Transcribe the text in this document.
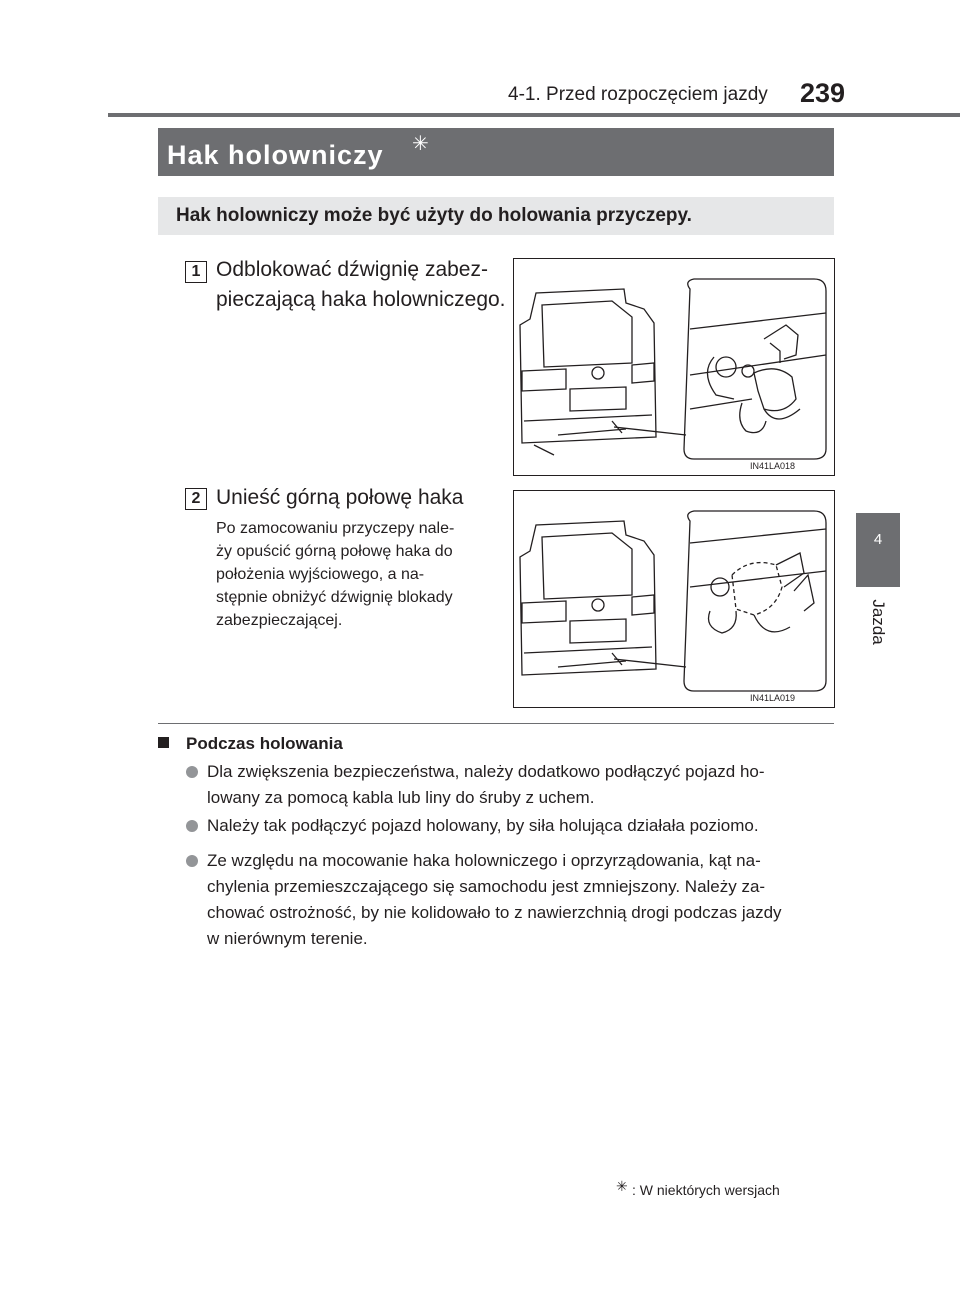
4-1. Przed rozpoczęciem jazdy 239
4
Jazda
Hak holowniczy ✳
Hak holowniczy może być użyty do holowania przyczepy.
1 Odblokować dźwignię zabez-
pieczającą haka holowniczego.
IN41LA018
2 Unieść górną połowę haka
Po zamocowaniu przyczepy nale-
ży opuścić górną połowę haka do
położenia wyjściowego, a na-
stępnie obniżyć dźwignię blokady
zabezpieczającej.
IN41LA019
Podczas holowania
Dla zwiększenia bezpieczeństwa, należy dodatkowo podłączyć pojazd ho-
lowany za pomocą kabla lub liny do śruby z uchem.
Należy tak podłączyć pojazd holowany, by siła holująca działała poziomo.
Ze względu na mocowanie haka holowniczego i oprzyrządowania, kąt na-
chylenia przemieszczającego się samochodu jest zmniejszony. Należy za-
chować ostrożność, by nie kolidowało to z nawierzchnią drogi podczas jazdy
w nierównym terenie.
✳ : W niektórych wersjach
